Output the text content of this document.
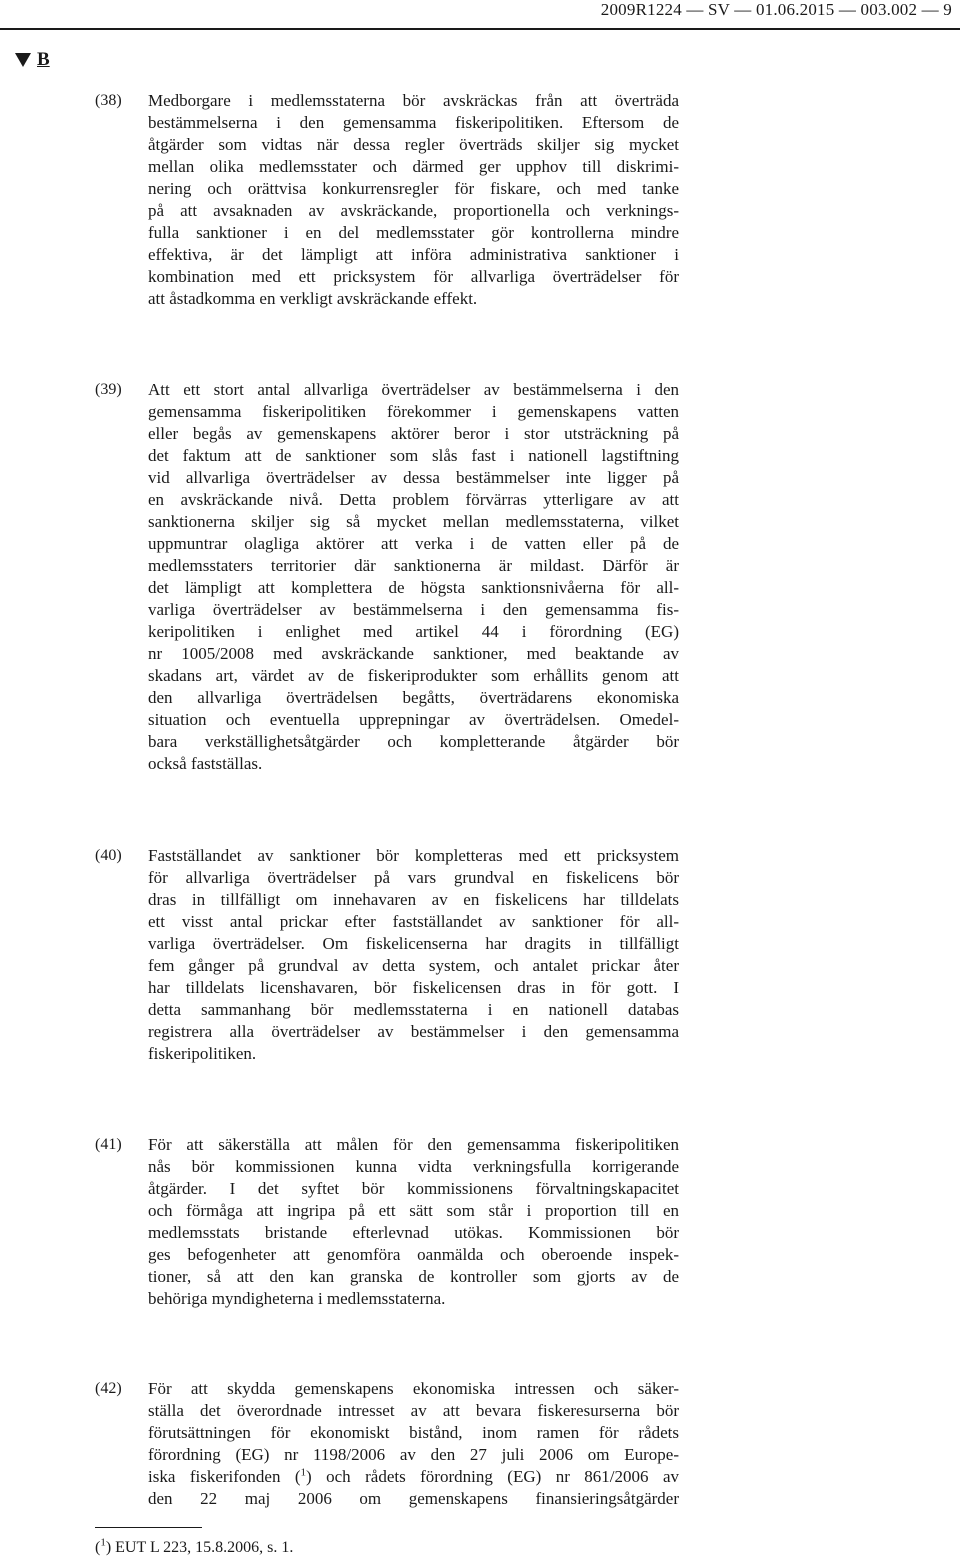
2009R1224 — SV — 01.06.2015 — 003.002 — 9
B
(38) Medborgare i medlemsstaterna bör avskräckas från att överträda
bestämmelserna i den gemensamma fiskeripolitiken. Eftersom de
åtgärder som vidtas när dessa regler överträds skiljer sig mycket
mellan olika medlemsstater och därmed ger upphov till diskrimi-
nering och orättvisa konkurrensregler för fiskare, och med tanke
på att avsaknaden av avskräckande, proportionella och verknings-
fulla sanktioner i en del medlemsstater gör kontrollerna mindre
effektiva, är det lämpligt att införa administrativa sanktioner i
kombination med ett pricksystem för allvarliga överträdelser för
att åstadkomma en verkligt avskräckande effekt.
(39) Att ett stort antal allvarliga överträdelser av bestämmelserna i den
gemensamma fiskeripolitiken förekommer i gemenskapens vatten
eller begås av gemenskapens aktörer beror i stor utsträckning på
det faktum att de sanktioner som slås fast i nationell lagstiftning
vid allvarliga överträdelser av dessa bestämmelser inte ligger på
en avskräckande nivå. Detta problem förvärras ytterligare av att
sanktionerna skiljer sig så mycket mellan medlemsstaterna, vilket
uppmuntrar olagliga aktörer att verka i de vatten eller på de
medlemsstaters territorier där sanktionerna är mildast. Därför är
det lämpligt att komplettera de högsta sanktionsnivåerna för all-
varliga överträdelser av bestämmelserna i den gemensamma fis-
keripolitiken i enlighet med artikel 44 i förordning (EG)
nr 1005/2008 med avskräckande sanktioner, med beaktande av
skadans art, värdet av de fiskeriprodukter som erhållits genom att
den allvarliga överträdelsen begåtts, överträdarens ekonomiska
situation och eventuella upprepningar av överträdelsen. Omedel-
bara verkställighetsåtgärder och kompletterande åtgärder bör
också fastställas.
(40) Fastställandet av sanktioner bör kompletteras med ett pricksystem
för allvarliga överträdelser på vars grundval en fiskelicens bör
dras in tillfälligt om innehavaren av en fiskelicens har tilldelats
ett visst antal prickar efter fastställandet av sanktioner för all-
varliga överträdelser. Om fiskelicenserna har dragits in tillfälligt
fem gånger på grundval av detta system, och antalet prickar åter
har tilldelats licenshavaren, bör fiskelicensen dras in för gott. I
detta sammanhang bör medlemsstaterna i en nationell databas
registrera alla överträdelser av bestämmelser i den gemensamma
fiskeripolitiken.
(41) För att säkerställa att målen för den gemensamma fiskeripolitiken
nås bör kommissionen kunna vidta verkningsfulla korrigerande
åtgärder. I det syftet bör kommissionens förvaltningskapacitet
och förmåga att ingripa på ett sätt som står i proportion till en
medlemsstats bristande efterlevnad utökas. Kommissionen bör
ges befogenheter att genomföra oanmälda och oberoende inspek-
tioner, så att den kan granska de kontroller som gjorts av de
behöriga myndigheterna i medlemsstaterna.
(42) För att skydda gemenskapens ekonomiska intressen och säker-
ställa det överordnade intresset av att bevara fiskeresurserna bör
förutsättningen för ekonomiskt bistånd, inom ramen för rådets
förordning (EG) nr 1198/2006 av den 27 juli 2006 om Europe-
iska fiskerifonden ($^1$) och rådets förordning (EG) nr 861/2006 av
den 22 maj 2006 om gemenskapens finansieringsåtgärder
($^1$) EUT L 223, 15.8.2006, s. 1.
